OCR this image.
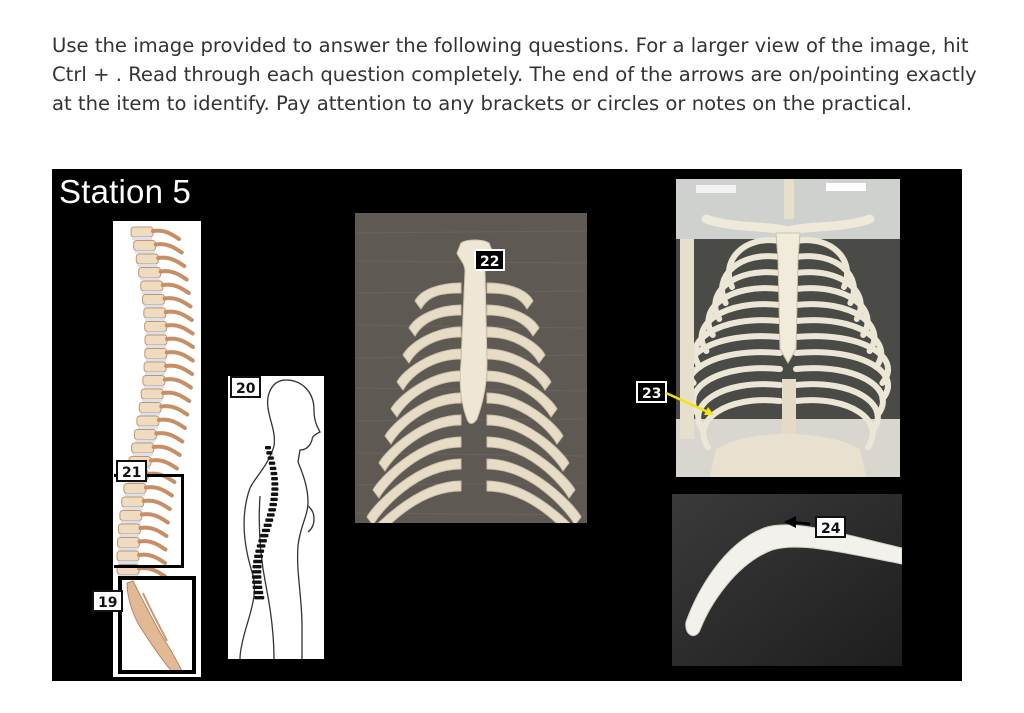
Use the image provided to answer the following questions. For a larger view of the image, hit Ctrl + . Read through each question completely. The end of the arrows are on/pointing exactly at the item to identify. Pay attention to any brackets or circles or notes on the practical.

Station 5
21
19
20
22
23
24
